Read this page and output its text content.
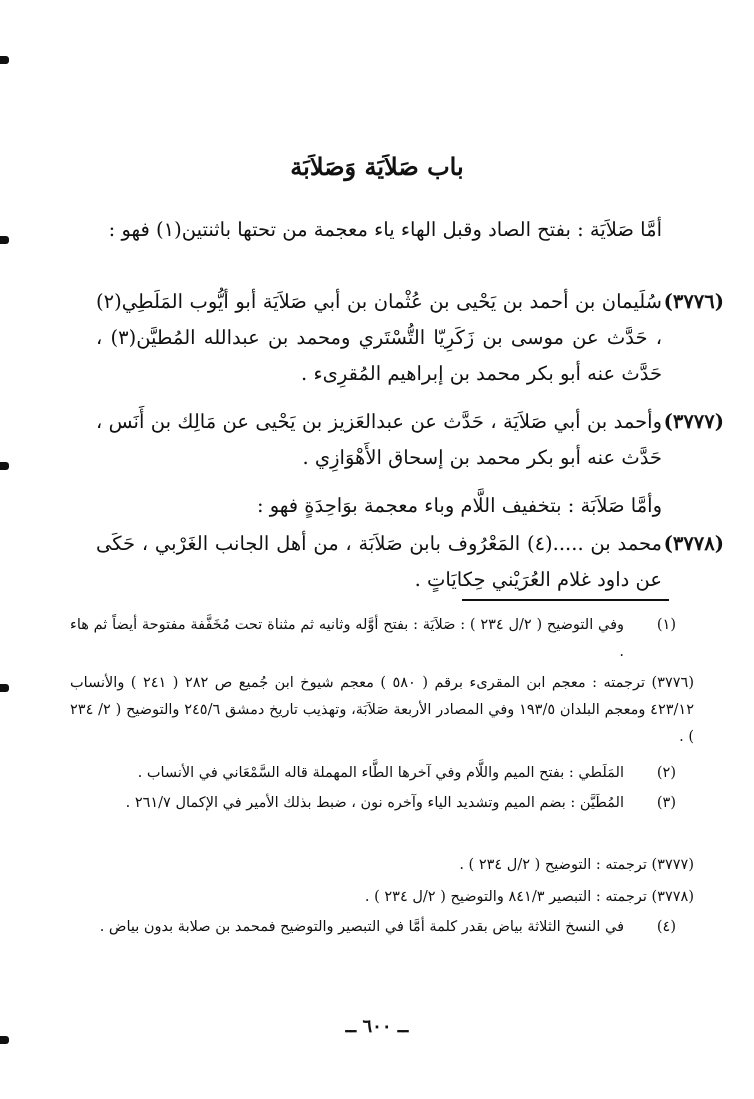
باب صَلاَيَة وَصَلاَبَة
أمَّا صَلاَيَة : بفتح الصاد وقبل الهاء ياء معجمة من تحتها باثنتين(١) فهو :
(٣٧٧٦)
سُلَيمان بن أحمد بن يَحْيى بن عُثْمان بن أبي صَلاَيَة أبو أيُّوب المَلَطِي(٢) ، حَدَّث عن موسى بن زَكَرِيّا التُّسْتَري ومحمد بن عبدالله المُطيَّن(٣) ، حَدَّث عنه أبو بكر محمد بن إبراهيم المُقرِىء .
(٣٧٧٧)
وأحمد بن أبي صَلاَيَة ، حَدَّث عن عبدالعَزيز بن يَحْيى عن مَالِك بن أَنَس ، حَدَّث عنه أبو بكر محمد بن إسحاق الأَهْوَازِي .
وأمَّا صَلاَبَة : بتخفيف اللَّام وباء معجمة بوَاحِدَةٍ فهو :
(٣٧٧٨)
محمد بن .....(٤) المَعْرُوف بابن صَلاَبَة ، من أهل الجانب الغَرْبي ، حَكَى عن داود غلام العُرَيْني حِكايَاتٍ .
(١)
وفي التوضيح ( ٢/ل ٢٣٤ ) : صَلاَيَة : بفتح أوَّله وثانيه ثم مثناة تحت مُخَفَّفة مفتوحة أيضاً ثم هاء .
(٣٧٧٦) ترجمته : معجم ابن المقرىء برقم ( ٥٨٠ ) معجم شيوخ ابن جُميع ص ٢٨٢ ( ٢٤١ ) والأنساب ٤٢٣/١٢ ومعجم البلدان ١٩٣/٥ وفي المصادر الأربعة صَلاَبَة، وتهذيب تاريخ دمشق ٢٤٥/٦ والتوضيح ( ٢/ ٢٣٤ ) .
(٢)
المَلَطي : بفتح الميم واللَّام وفي آخرها الطَّاء المهملة قاله السَّمْعَاني في الأنساب .
(٣)
المُطَيَّن : بضم الميم وتشديد الياء وآخره نون ، ضبط بذلك الأمير في الإكمال ٢٦١/٧ .
(٣٧٧٧) ترجمته : التوضيح ( ٢/ل ٢٣٤ ) .
(٣٧٧٨) ترجمته : التبصير ٨٤١/٣ والتوضيح ( ٢/ل ٢٣٤ ) .
(٤)
في النسخ الثلاثة بياض بقدر كلمة أمَّا في التبصير والتوضيح فمحمد بن صلابة بدون بياض .
ــ ٦٠٠ ــ
